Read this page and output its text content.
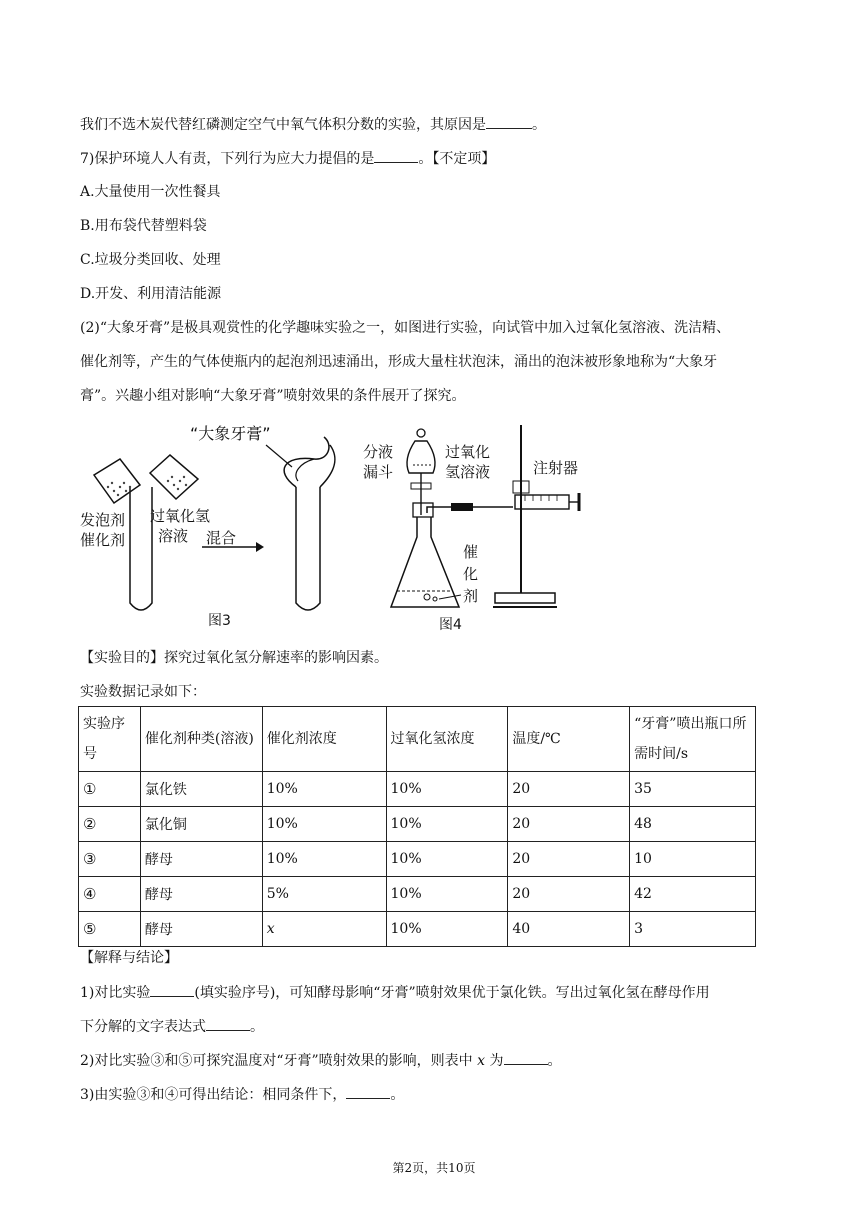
我们不选木炭代替红磷测定空气中氧气体积分数的实验，其原因是	。
7)保护环境人人有责，下列行为应大力提倡的是	。【不定项】
A.大量使用一次性餐具
B.用布袋代替塑料袋
C.垃圾分类回收、处理
D.开发、利用清洁能源
(2)“大象牙膏”是极具观赏性的化学趣味实验之一，如图进行实验，向试管中加入过氧化氢溶液、洗洁精、
催化剂等，产生的气体使瓶内的起泡剂迅速涌出，形成大量柱状泡沫，涌出的泡沫被形象地称为“大象牙
膏”。兴趣小组对影响“大象牙膏”喷射效果的条件展开了探究。
“大象牙膏”
发泡剂
催化剂
过氧化氢
溶液 混合
图3
分液
漏斗
过氧化
氢溶液	注射器
催
化
剂
图4
【实验目的】探究过氧化氢分解速率的影响因素。
实验数据记录如下：
实验序号	催化剂种类(溶液)	催化剂浓度	过氧化氢浓度	温度/℃	“牙膏”喷出瓶口所需时间/s
①	氯化铁	10%	10%	20	35
②	氯化铜	10%	10%	20	48
③	酵母	10%	10%	20	10
④	酵母	5%	10%	20	42
⑤	酵母	x	10%	40	3
【解释与结论】
1)对比实验	(填实验序号)，可知酵母影响“牙膏”喷射效果优于氯化铁。写出过氧化氢在酵母作用
下分解的文字表达式	。
2)对比实验③和⑤可探究温度对“牙膏”喷射效果的影响，则表中 x 为	。
3)由实验③和④可得出结论：相同条件下，	。
第2页，共10页
